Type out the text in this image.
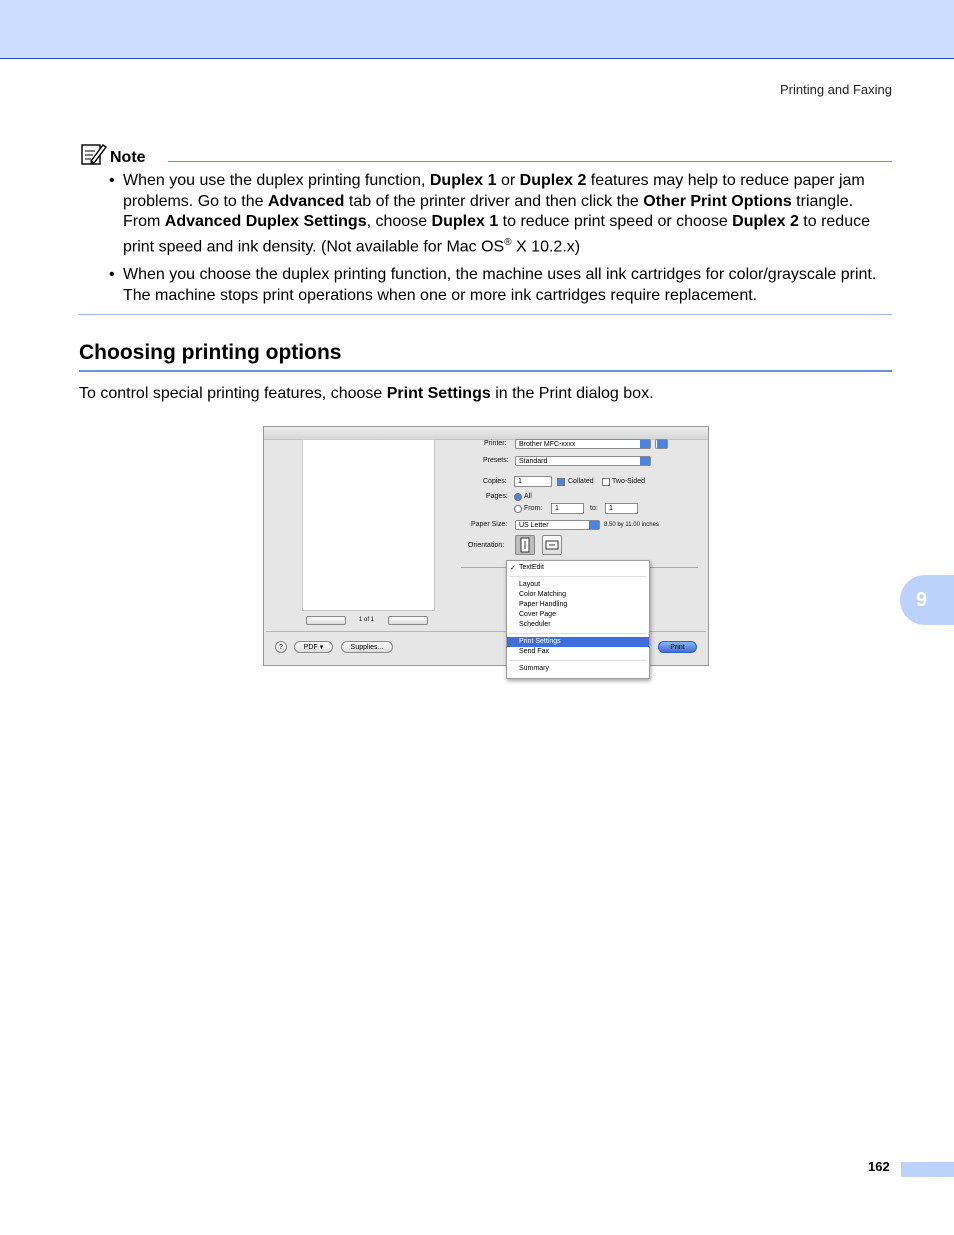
Printing and Faxing
9
Note
• When you use the duplex printing function, Duplex 1 or Duplex 2 features may help to reduce paper jam problems. Go to the Advanced tab of the printer driver and then click the Other Print Options triangle. From Advanced Duplex Settings, choose Duplex 1 to reduce print speed or choose Duplex 2 to reduce print speed and ink density. (Not available for Mac OS® X 10.2.x)
• When you choose the duplex printing function, the machine uses all ink cartridges for color/grayscale print. The machine stops print operations when one or more ink cartridges require replacement.
Choosing printing options
To control special printing features, choose Print Settings in the Print dialog box.
Printer:	Brother MFC-xxxx
Presets:	Standard
Copies:	1	Collated	Two-Sided
Pages: All
From:	1	to:	1
Paper Size:	US Letter	8.50 by 11.00 inches
Orientation:
1 of 1
?	PDF ▾	Supplies...	Print
✓ TextEdit
Layout
Color Matching
Paper Handling
Cover Page
Scheduler
Print Settings
Send Fax
Summary
162
